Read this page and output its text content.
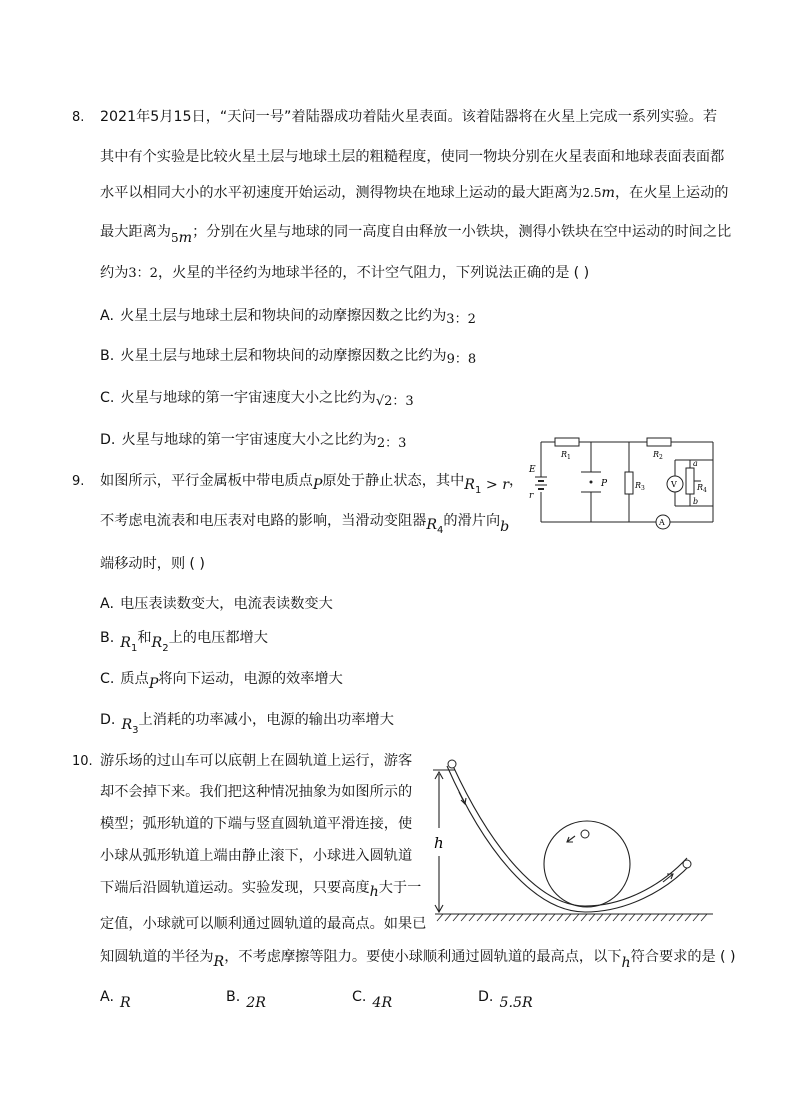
8. 2021年5月15日，“天问一号”着陆器成功着陆火星表面。该着陆器将在火星上完成一系列实验。若
其中有个实验是比较火星土层与地球土层的粗糙程度，使同一物块分别在火星表面和地球表面表面都
水平以相同大小的水平初速度开始运动，测得物块在地球上运动的最大距离为2.5m，在火星上运动的
最大距离为$_5$m；分别在火星与地球的同一高度自由释放一小铁块，测得小铁块在空中运动的时间之比
约为3：2，火星的半径约为地球半径的，不计空气阻力，下列说法正确的是 ( )
A. 火星土层与地球土层和物块间的动摩擦因数之比约为3：2
B. 火星土层与地球土层和物块间的动摩擦因数之比约为9：8
C. 火星与地球的第一宇宙速度大小之比约为√2：3
D. 火星与地球的第一宇宙速度大小之比约为2：3
9. 如图所示，平行金属板中带电质点P原处于静止状态，其中$R_1 > r$，
不考虑电流表和电压表对电路的影响，当滑动变阻器$R_4$的滑片向b
端移动时，则 ( )
A. 电压表读数变大，电流表读数变大
B. $R_1$和$R_2$上的电压都增大
C. 质点P将向下运动，电源的效率增大
D. $R_3$上消耗的功率减小，电源的输出功率增大
E
r
R 1	R 2
R 3	R 4
P
a
b
V
A
10. 游乐场的过山车可以底朝上在圆轨道上运行，游客
却不会掉下来。我们把这种情况抽象为如图所示的
模型；弧形轨道的下端与竖直圆轨道平滑连接，使
小球从弧形轨道上端由静止滚下，小球进入圆轨道
下端后沿圆轨道运动。实验发现，只要高度h大于一
定值，小球就可以顺利通过圆轨道的最高点。如果已
知圆轨道的半径为R，不考虑摩擦等阻力。要使小球顺利通过圆轨道的最高点，以下h符合要求的是 ( )
A. R	B. 2R	C. 4R	D. 5.5R
h
